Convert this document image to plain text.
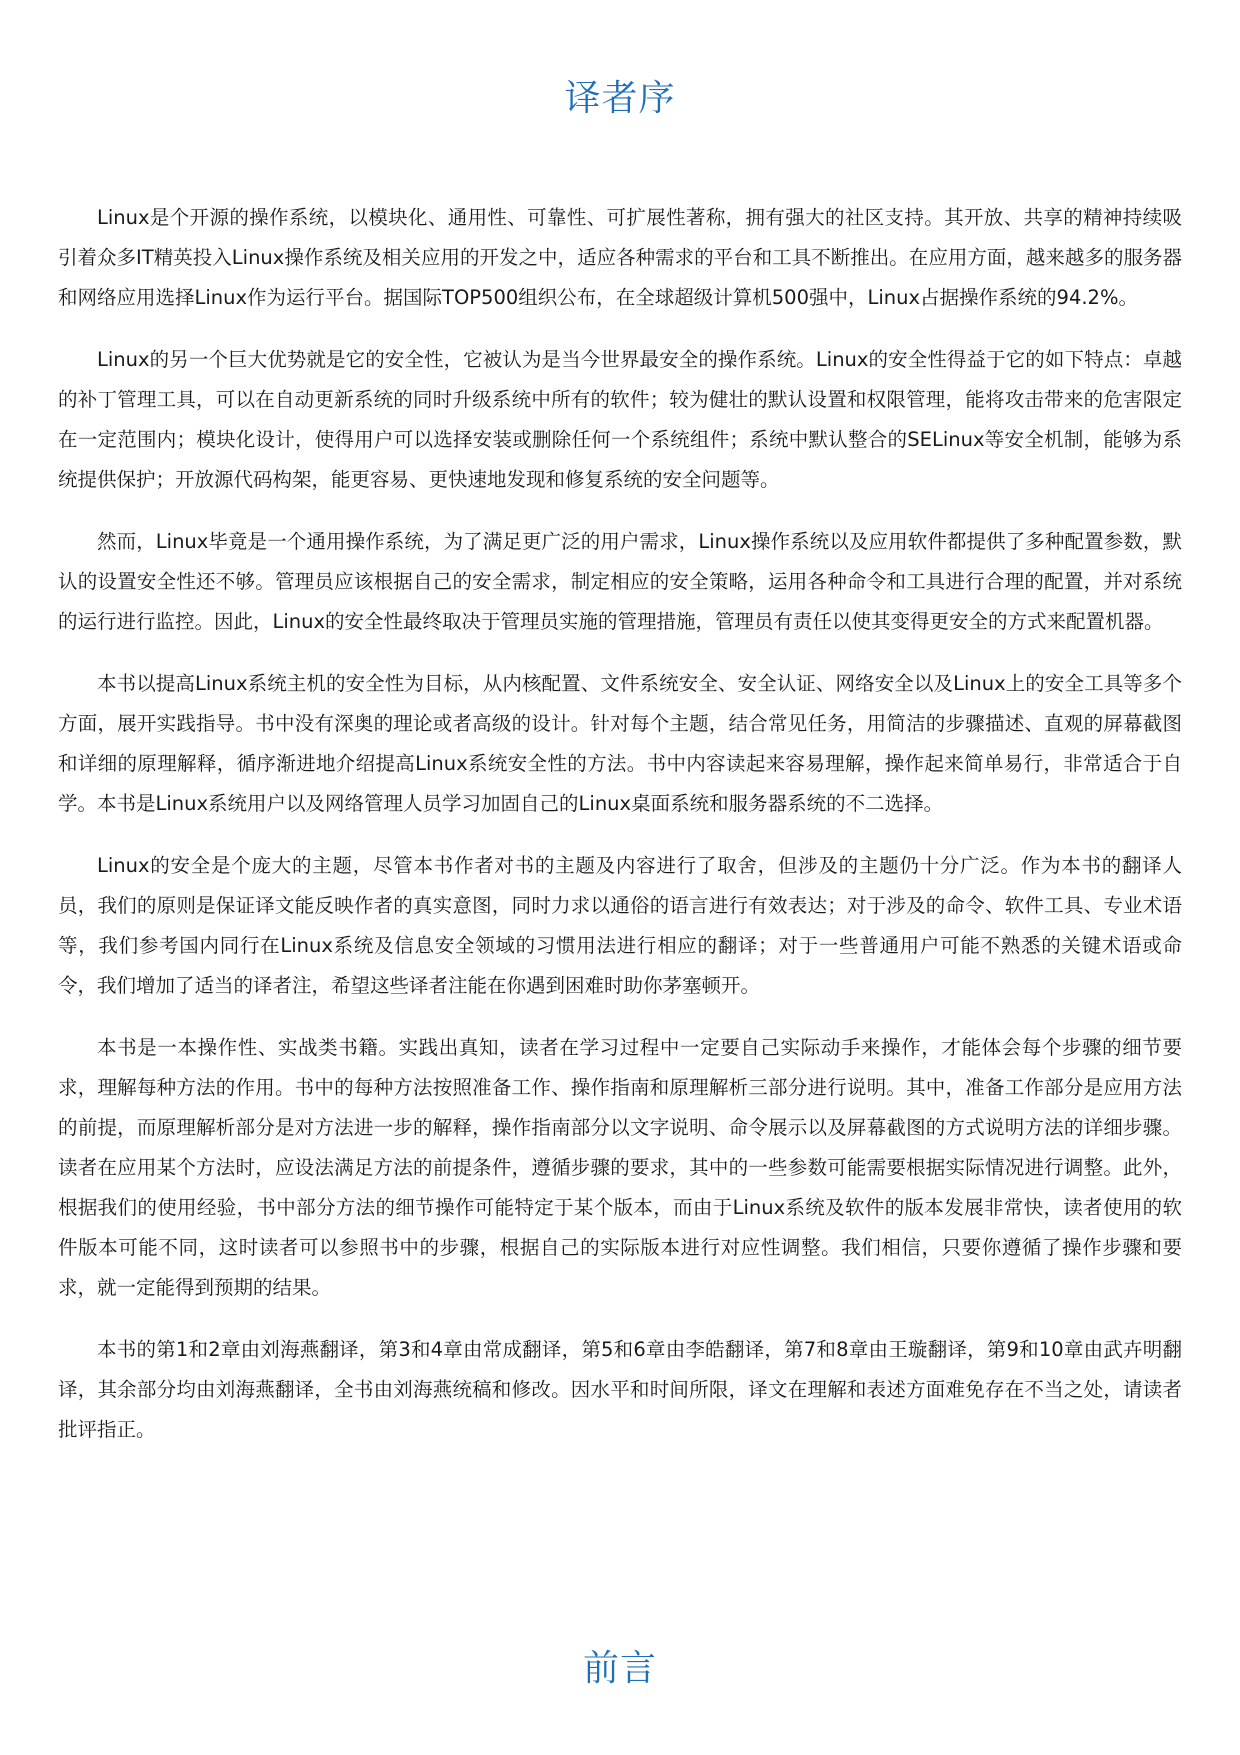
译者序

Linux是个开源的操作系统，以模块化、通用性、可靠性、可扩展性著称，拥有强大的社区支持。其开放、共享的精神持续吸引着众多IT精英投入Linux操作系统及相关应用的开发之中，适应各种需求的平台和工具不断推出。在应用方面，越来越多的服务器和网络应用选择Linux作为运行平台。据国际TOP500组织公布，在全球超级计算机500强中，Linux占据操作系统的94.2%。

Linux的另一个巨大优势就是它的安全性，它被认为是当今世界最安全的操作系统。Linux的安全性得益于它的如下特点：卓越的补丁管理工具，可以在自动更新系统的同时升级系统中所有的软件；较为健壮的默认设置和权限管理，能将攻击带来的危害限定在一定范围内；模块化设计，使得用户可以选择安装或删除任何一个系统组件；系统中默认整合的SELinux等安全机制，能够为系统提供保护；开放源代码构架，能更容易、更快速地发现和修复系统的安全问题等。

然而，Linux毕竟是一个通用操作系统，为了满足更广泛的用户需求，Linux操作系统以及应用软件都提供了多种配置参数，默认的设置安全性还不够。管理员应该根据自己的安全需求，制定相应的安全策略，运用各种命令和工具进行合理的配置，并对系统的运行进行监控。因此，Linux的安全性最终取决于管理员实施的管理措施，管理员有责任以使其变得更安全的方式来配置机器。

本书以提高Linux系统主机的安全性为目标，从内核配置、文件系统安全、安全认证、网络安全以及Linux上的安全工具等多个方面，展开实践指导。书中没有深奥的理论或者高级的设计。针对每个主题，结合常见任务，用简洁的步骤描述、直观的屏幕截图和详细的原理解释，循序渐进地介绍提高Linux系统安全性的方法。书中内容读起来容易理解，操作起来简单易行，非常适合于自学。本书是Linux系统用户以及网络管理人员学习加固自己的Linux桌面系统和服务器系统的不二选择。

Linux的安全是个庞大的主题，尽管本书作者对书的主题及内容进行了取舍，但涉及的主题仍十分广泛。作为本书的翻译人员，我们的原则是保证译文能反映作者的真实意图，同时力求以通俗的语言进行有效表达；对于涉及的命令、软件工具、专业术语等，我们参考国内同行在Linux系统及信息安全领域的习惯用法进行相应的翻译；对于一些普通用户可能不熟悉的关键术语或命令，我们增加了适当的译者注，希望这些译者注能在你遇到困难时助你茅塞顿开。

本书是一本操作性、实战类书籍。实践出真知，读者在学习过程中一定要自己实际动手来操作，才能体会每个步骤的细节要求，理解每种方法的作用。书中的每种方法按照准备工作、操作指南和原理解析三部分进行说明。其中，准备工作部分是应用方法的前提，而原理解析部分是对方法进一步的解释，操作指南部分以文字说明、命令展示以及屏幕截图的方式说明方法的详细步骤。读者在应用某个方法时，应设法满足方法的前提条件，遵循步骤的要求，其中的一些参数可能需要根据实际情况进行调整。此外，根据我们的使用经验，书中部分方法的细节操作可能特定于某个版本，而由于Linux系统及软件的版本发展非常快，读者使用的软件版本可能不同，这时读者可以参照书中的步骤，根据自己的实际版本进行对应性调整。我们相信，只要你遵循了操作步骤和要求，就一定能得到预期的结果。

本书的第1和2章由刘海燕翻译，第3和4章由常成翻译，第5和6章由李皓翻译，第7和8章由王璇翻译，第9和10章由武卉明翻译，其余部分均由刘海燕翻译，全书由刘海燕统稿和修改。因水平和时间所限，译文在理解和表述方面难免存在不当之处，请读者批评指正。

前言
